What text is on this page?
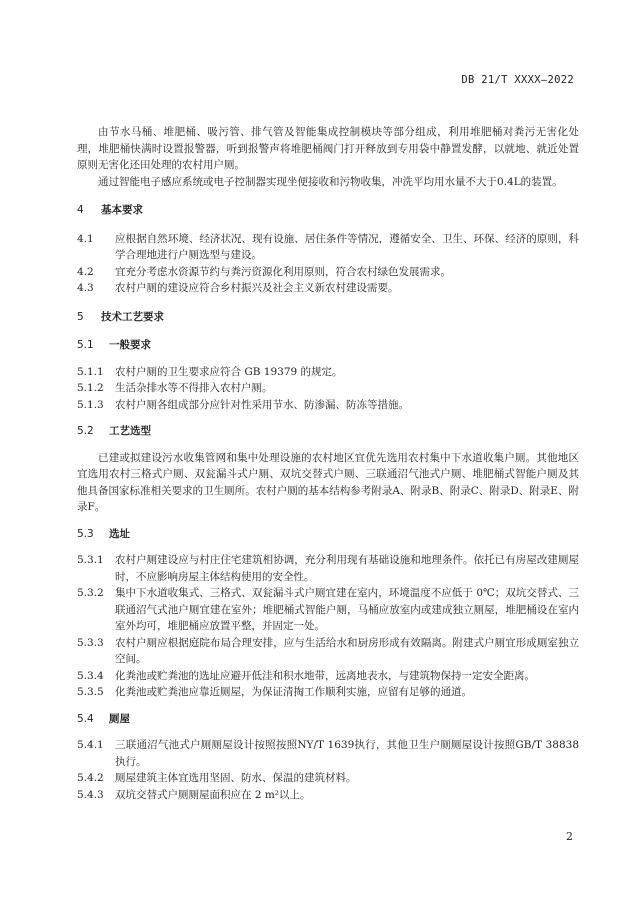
DB 21/T XXXX—2022

由节水马桶、堆肥桶、吸污管、排气管及智能集成控制模块等部分组成，利用堆肥桶对粪污无害化处理，堆肥桶快满时设置报警器，听到报警声将堆肥桶阀门打开释放到专用袋中静置发酵，以就地、就近处置原则无害化还田处理的农村用户厕。

通过智能电子感应系统或电子控制器实现坐便接收和污物收集，冲洗平均用水量不大于0.4L的装置。

4 基本要求

4.1	应根据自然环境、经济状况、现有设施、居住条件等情况，遵循安全、卫生、环保、经济的原则，科学合理地进行户厕选型与建设。
4.2	宜充分考虑水资源节约与粪污资源化利用原则，符合农村绿色发展需求。
4.3	农村户厕的建设应符合乡村振兴及社会主义新农村建设需要。

5 技术工艺要求

5.1 一般要求

5.1.1	农村户厕的卫生要求应符合 GB 19379 的规定。
5.1.2	生活杂排水等不得排入农村户厕。
5.1.3	农村户厕各组成部分应针对性采用节水、防渗漏、防冻等措施。

5.2 工艺选型

已建或拟建设污水收集管网和集中处理设施的农村地区宜优先选用农村集中下水道收集户厕。其他地区宜选用农村三格式户厕、双瓮漏斗式户厕、双坑交替式户厕、三联通沼气池式户厕、堆肥桶式智能户厕及其他具备国家标准相关要求的卫生厕所。农村户厕的基本结构参考附录A、附录B、附录C、附录D、附录E、附录F。

5.3 选址

5.3.1	农村户厕建设应与村庄住宅建筑相协调，充分利用现有基础设施和地理条件。依托已有房屋改建厕屋时，不应影响房屋主体结构使用的安全性。
5.3.2	集中下水道收集式、三格式、双瓮漏斗式户厕宜建在室内，环境温度不应低于 0℃；双坑交替式、三联通沼气式池户厕宜建在室外；堆肥桶式智能户厕，马桶应放室内或建成独立厕屋，堆肥桶设在室内室外均可，堆肥桶应放置平整，并固定一处。
5.3.3	农村户厕应根据庭院布局合理安排，应与生活给水和厨房形成有效隔离。附建式户厕宜形成厕室独立空间。
5.3.4	化粪池或贮粪池的选址应避开低洼和积水地带，远离地表水，与建筑物保持一定安全距离。
5.3.5	化粪池或贮粪池应靠近厕屋，为保证清掏工作顺利实施，应留有足够的通道。

5.4 厕屋

5.4.1	三联通沼气池式户厕厕屋设计按照按照NY/T 1639执行，其他卫生户厕厕屋设计按照GB/T 38838执行。
5.4.2	厕屋建筑主体宜选用坚固、防水、保温的建筑材料。
5.4.3	双坑交替式户厕厕屋面积应在 2 m²以上。
2
